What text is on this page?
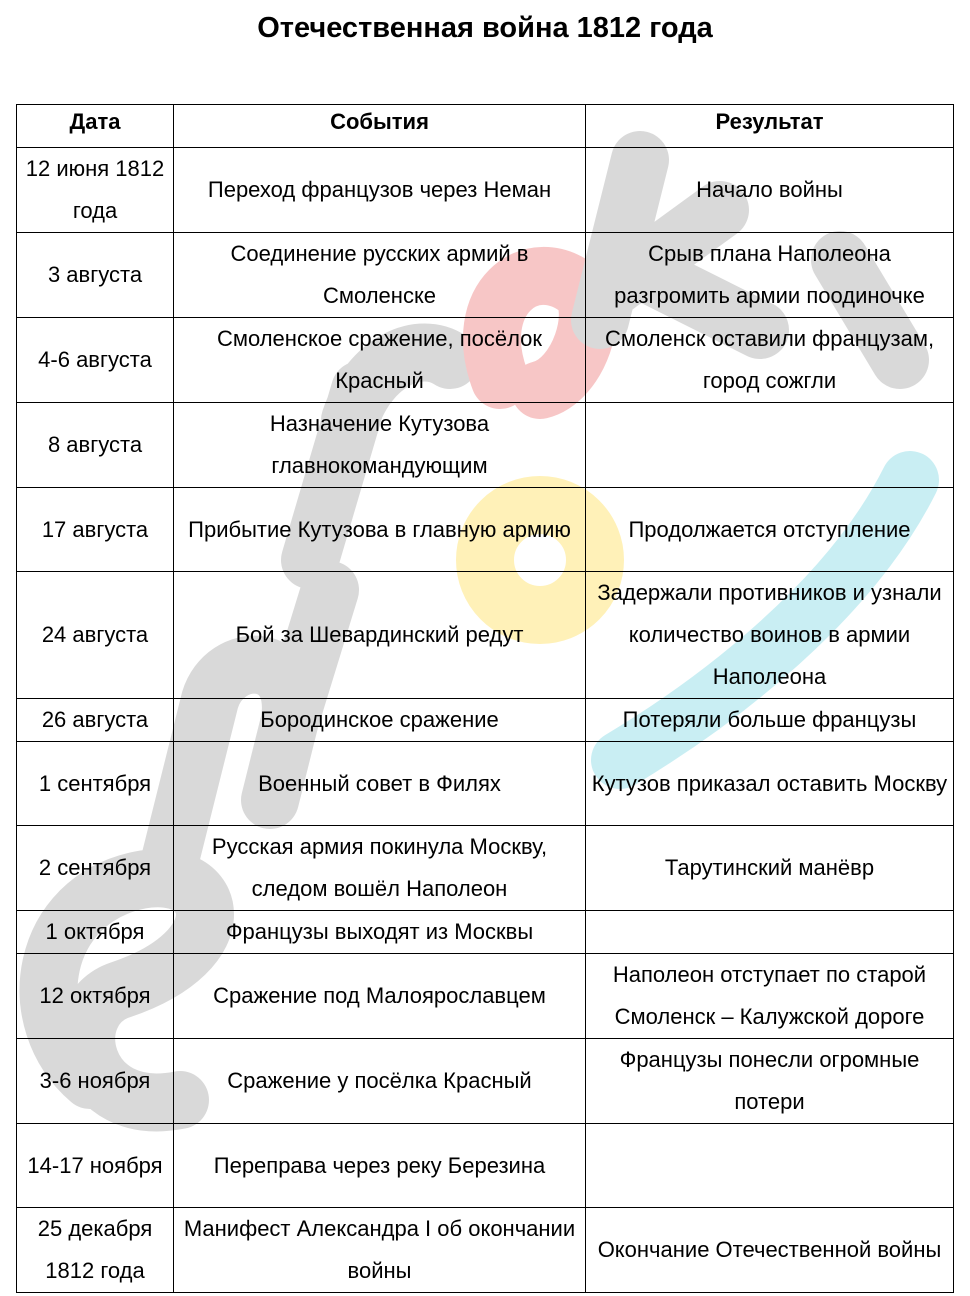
Отечественная война 1812 года
Дата	События	Результат
12 июня 1812 года	Переход французов через Неман	Начало войны
3 августа	Соединение русских армий в Смоленске	Срыв плана Наполеона разгромить армии поодиночке
4-6 августа	Смоленское сражение, посёлок Красный	Смоленск оставили французам, город сожгли
8 августа	Назначение Кутузова главнокомандующим	
17 августа	Прибытие Кутузова в главную армию	Продолжается отступление
24 августа	Бой за Шевардинский редут	Задержали противников и узнали количество воинов в армии Наполеона
26 августа	Бородинское сражение	Потеряли больше французы
1 сентября	Военный совет в Филях	Кутузов приказал оставить Москву
2 сентября	Русская армия покинула Москву, следом вошёл Наполеон	Тарутинский манёвр
1 октября	Французы выходят из Москвы	
12 октября	Сражение под Малоярославцем	Наполеон отступает по старой Смоленск – Калужской дороге
3-6 ноября	Сражение у посёлка Красный	Французы понесли огромные потери
14-17 ноября	Переправа через реку Березина	
25 декабря 1812 года	Манифест Александра I об окончании войны	Окончание Отечественной войны
